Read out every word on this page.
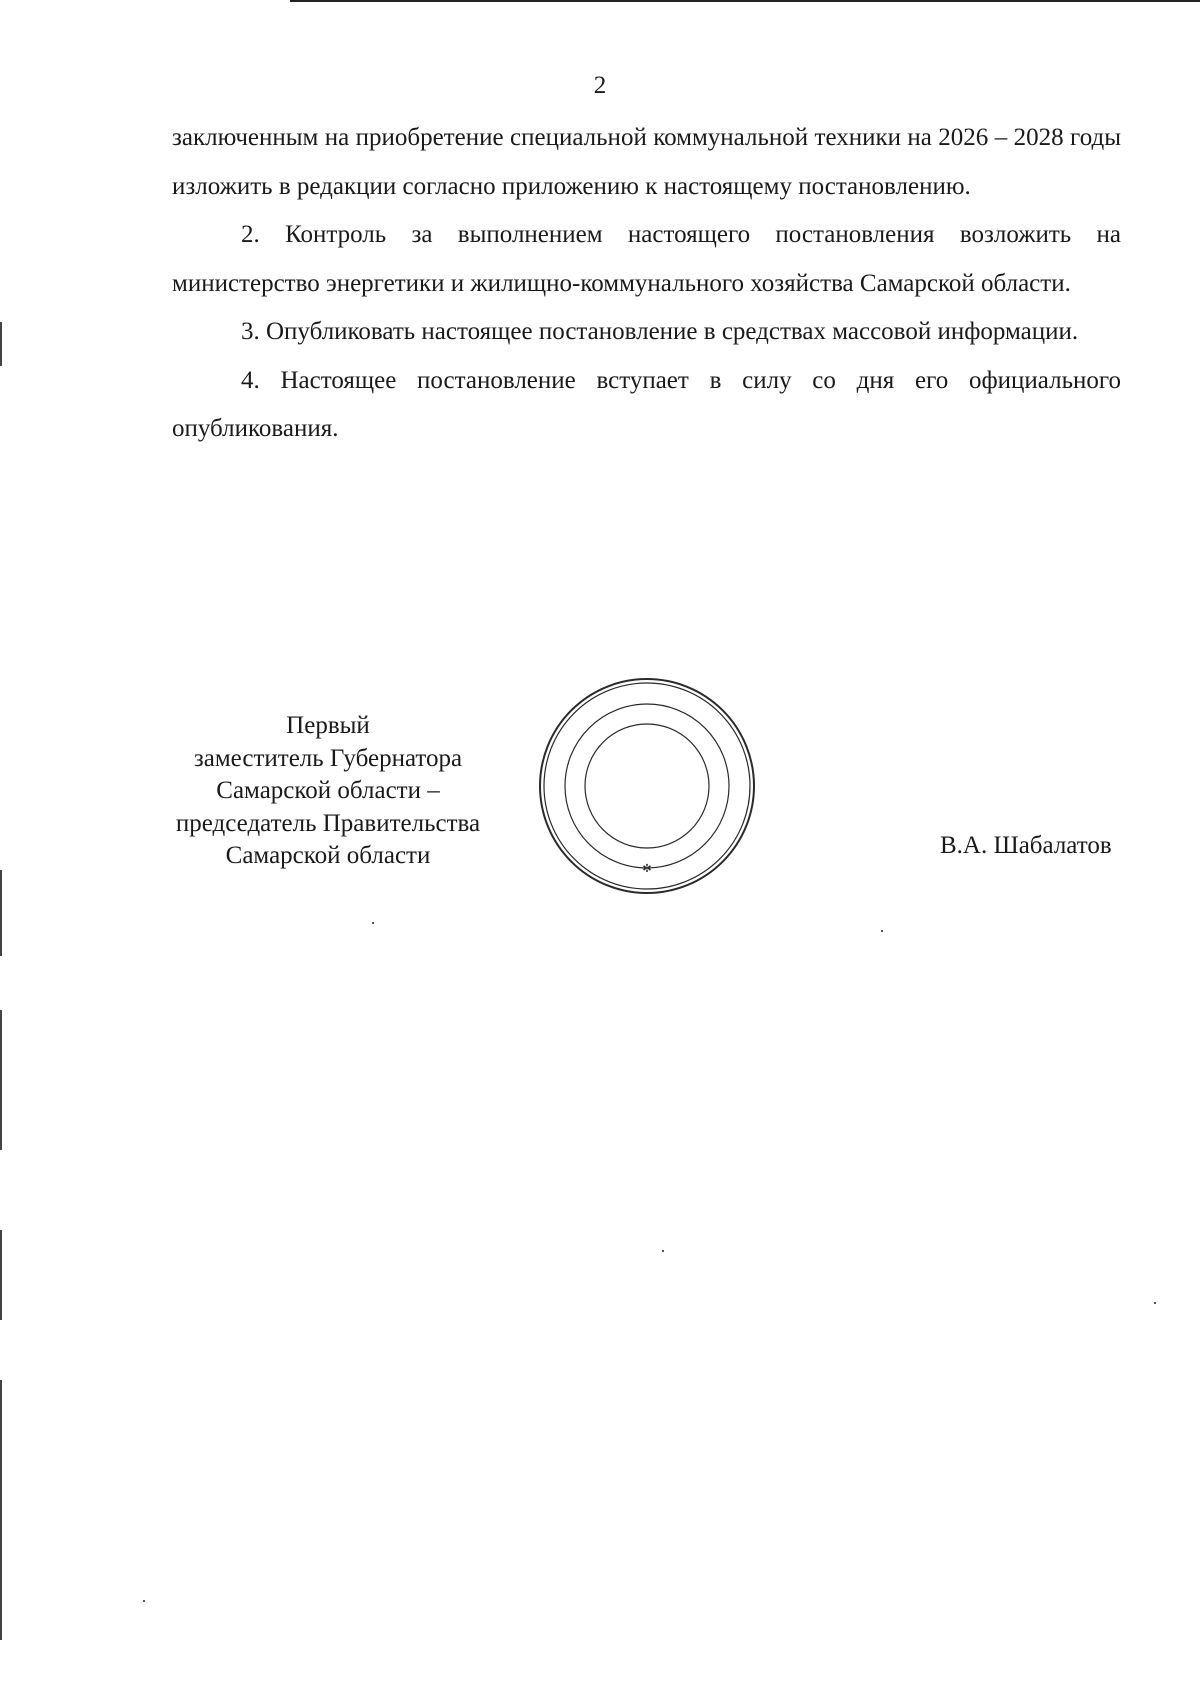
2

заключенным на приобретение специальной коммунальной техники на 2026 – 2028 годы изложить в редакции согласно приложению к настоящему постановлению.

2. Контроль за выполнением настоящего постановления возложить на министерство энергетики и жилищно-коммунального хозяйства Самарской области.

3. Опубликовать настоящее постановление в средствах массовой информации.

4. Настоящее постановление вступает в силу со дня его официального опубликования.

Первый
заместитель Губернатора
Самарской области –
председатель Правительства
Самарской области	✻
В.А. Шабалатов
